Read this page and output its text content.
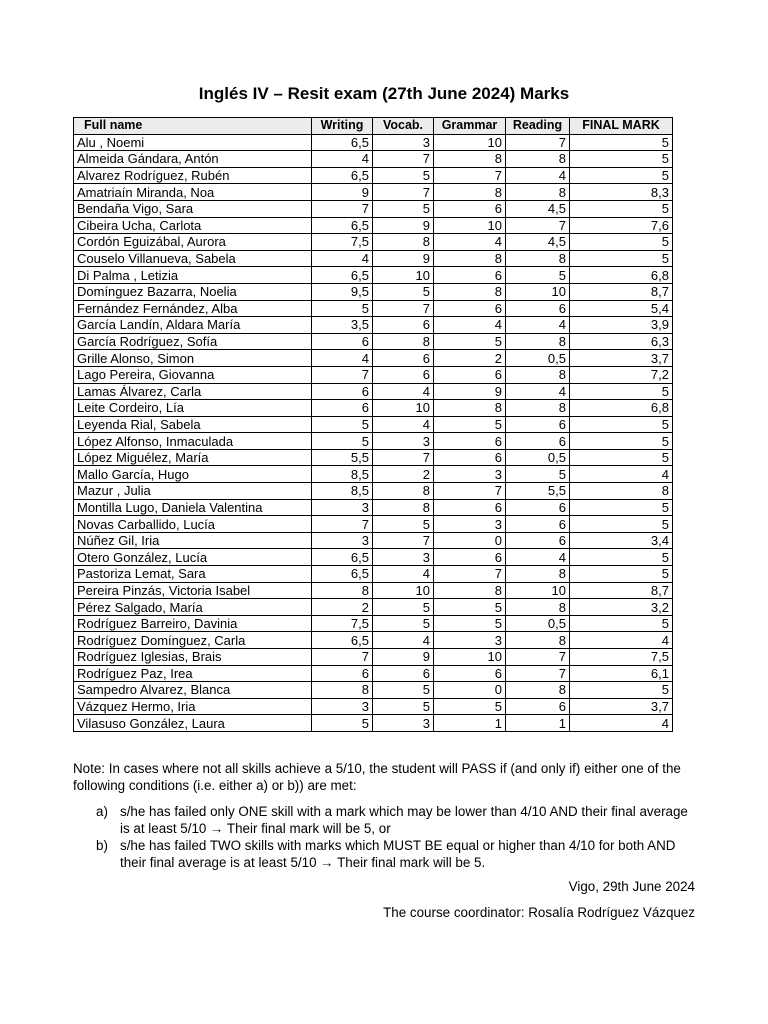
Inglés IV – Resit exam (27th June 2024) Marks
Full name	Writing	Vocab.	Grammar	Reading	FINAL MARK
Alu , Noemi	6,5	3	10	7	5
Almeida Gándara, Antón	4	7	8	8	5
Alvarez Rodríguez, Rubén	6,5	5	7	4	5
Amatriaín Miranda, Noa	9	7	8	8	8,3
Bendaña Vigo, Sara	7	5	6	4,5	5
Cibeira Ucha, Carlota	6,5	9	10	7	7,6
Cordón Eguizábal, Aurora	7,5	8	4	4,5	5
Couselo Villanueva, Sabela	4	9	8	8	5
Di Palma , Letizia	6,5	10	6	5	6,8
Domínguez Bazarra, Noelia	9,5	5	8	10	8,7
Fernández Fernández, Alba	5	7	6	6	5,4
García Landín, Aldara María	3,5	6	4	4	3,9
García Rodríguez, Sofía	6	8	5	8	6,3
Grille Alonso, Simon	4	6	2	0,5	3,7
Lago Pereira, Giovanna	7	6	6	8	7,2
Lamas Álvarez, Carla	6	4	9	4	5
Leite Cordeiro, Lía	6	10	8	8	6,8
Leyenda Rial, Sabela	5	4	5	6	5
López Alfonso, Inmaculada	5	3	6	6	5
López Miguélez, María	5,5	7	6	0,5	5
Mallo García, Hugo	8,5	2	3	5	4
Mazur , Julia	8,5	8	7	5,5	8
Montilla Lugo, Daniela Valentina	3	8	6	6	5
Novas Carballido, Lucía	7	5	3	6	5
Núñez Gil, Iria	3	7	0	6	3,4
Otero González, Lucía	6,5	3	6	4	5
Pastoriza Lemat, Sara	6,5	4	7	8	5
Pereira Pinzás, Victoria Isabel	8	10	8	10	8,7
Pérez Salgado, María	2	5	5	8	3,2
Rodríguez Barreiro, Davinia	7,5	5	5	0,5	5
Rodríguez Domínguez, Carla	6,5	4	3	8	4
Rodríguez Iglesias, Brais	7	9	10	7	7,5
Rodríguez Paz, Irea	6	6	6	7	6,1
Sampedro Alvarez, Blanca	8	5	0	8	5
Vázquez Hermo, Iria	3	5	5	6	3,7
Vilasuso González, Laura	5	3	1	1	4
Note: In cases where not all skills achieve a 5/10, the student will PASS if (and only if) either one of the following conditions (i.e. either a) or b)) are met:
a) s/he has failed only ONE skill with a mark which may be lower than 4/10 AND their final average is at least 5/10 → Their final mark will be 5, or
b) s/he has failed TWO skills with marks which MUST BE equal or higher than 4/10 for both AND their final average is at least 5/10 → Their final mark will be 5.
Vigo, 29th June 2024
The course coordinator: Rosalía Rodríguez Vázquez
